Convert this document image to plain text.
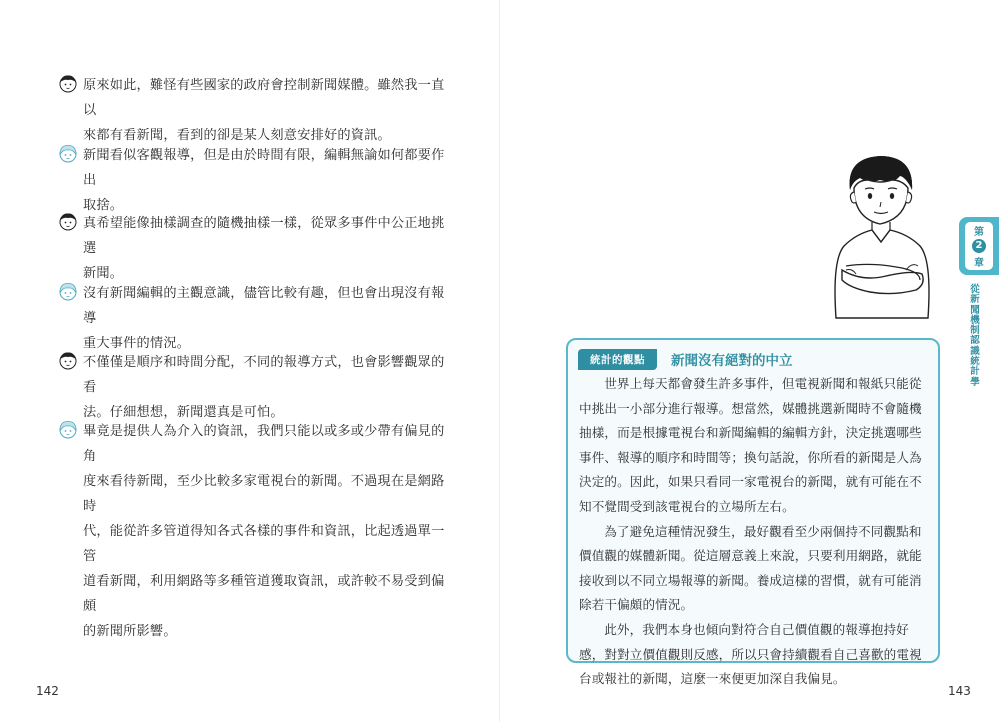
原來如此，難怪有些國家的政府會控制新聞媒體。雖然我一直以
來都有看新聞，看到的卻是某人刻意安排好的資訊。
新聞看似客觀報導，但是由於時間有限，編輯無論如何都要作出
取捨。
真希望能像抽樣調查的隨機抽樣一樣，從眾多事件中公正地挑選
新聞。
沒有新聞編輯的主觀意識，儘管比較有趣，但也會出現沒有報導
重大事件的情況。
不僅僅是順序和時間分配，不同的報導方式，也會影響觀眾的看
法。仔細想想，新聞還真是可怕。
畢竟是提供人為介入的資訊，我們只能以或多或少帶有偏見的角
度來看待新聞，至少比較多家電視台的新聞。不過現在是網路時
代，能從許多管道得知各式各樣的事件和資訊，比起透過單一管
道看新聞，利用網路等多種管道獲取資訊，或許較不易受到偏頗
的新聞所影響。
142
第
2
章
從新聞機制認識統計學
統計的觀點	新聞沒有絕對的中立

世界上每天都會發生許多事件，但電視新聞和報紙只能從中挑出一小部分進行報導。想當然，媒體挑選新聞時不會隨機抽樣，而是根據電視台和新聞編輯的編輯方針，決定挑選哪些事件、報導的順序和時間等；換句話說，你所看的新聞是人為決定的。因此，如果只看同一家電視台的新聞，就有可能在不知不覺間受到該電視台的立場所左右。

為了避免這種情況發生，最好觀看至少兩個持不同觀點和價值觀的媒體新聞。從這層意義上來說，只要利用網路，就能接收到以不同立場報導的新聞。養成這樣的習慣，就有可能消除若干偏頗的情況。

此外，我們本身也傾向對符合自己價值觀的報導抱持好感，對對立價值觀則反感，所以只會持續觀看自己喜歡的電視台或報社的新聞，這麼一來便更加深自我偏見。

143
